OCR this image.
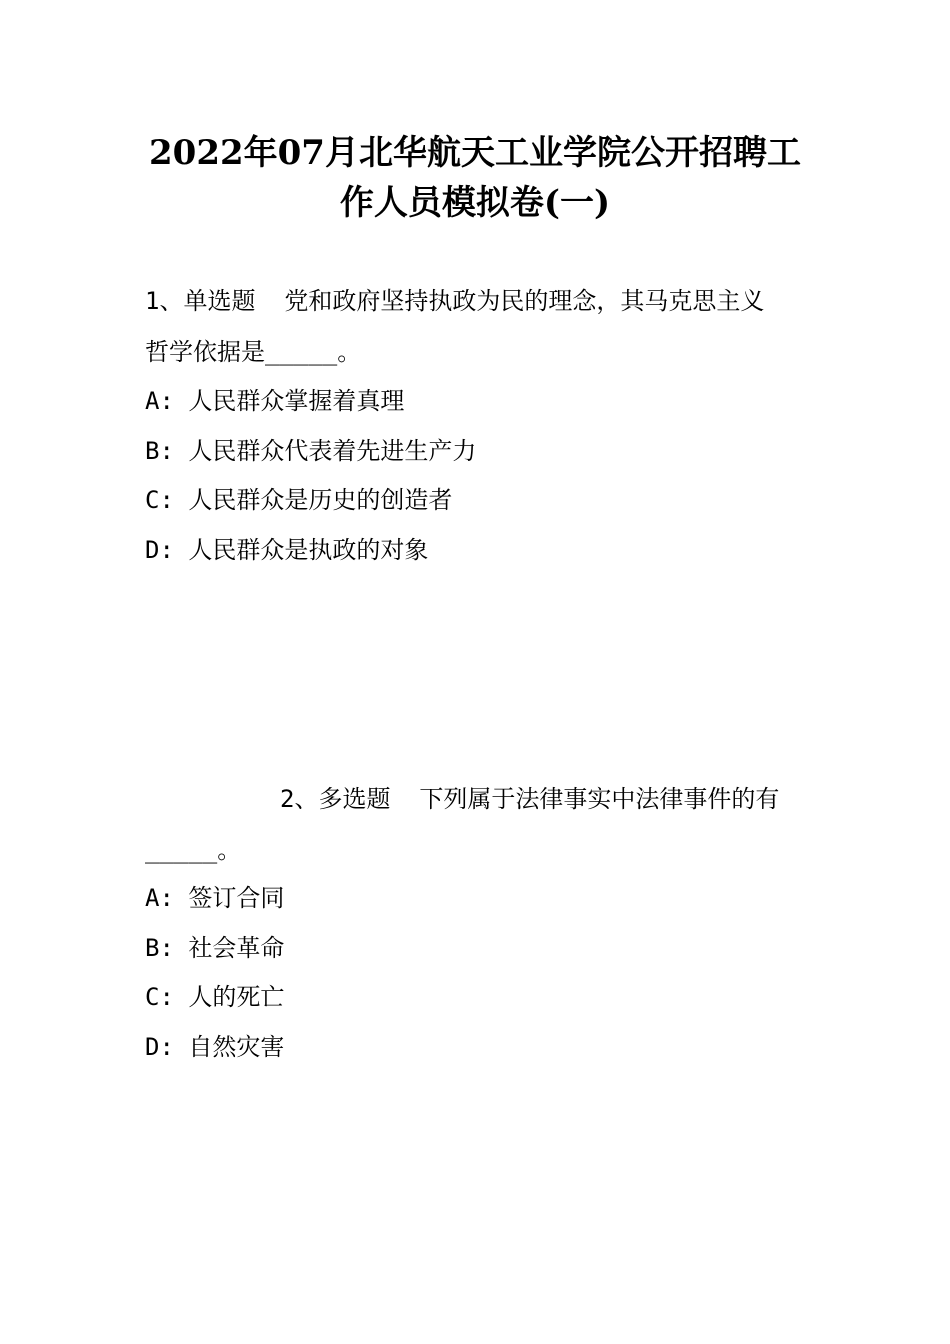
2022年07月北华航天工业学院公开招聘工
作人员模拟卷(一)
1、单选题  党和政府坚持执政为民的理念，其马克思主义
哲学依据是_____。
A: 人民群众掌握着真理
B: 人民群众代表着先进生产力
C: 人民群众是历史的创造者
D: 人民群众是执政的对象
2、多选题  下列属于法律事实中法律事件的有
_____。
A: 签订合同
B: 社会革命
C: 人的死亡
D: 自然灾害
